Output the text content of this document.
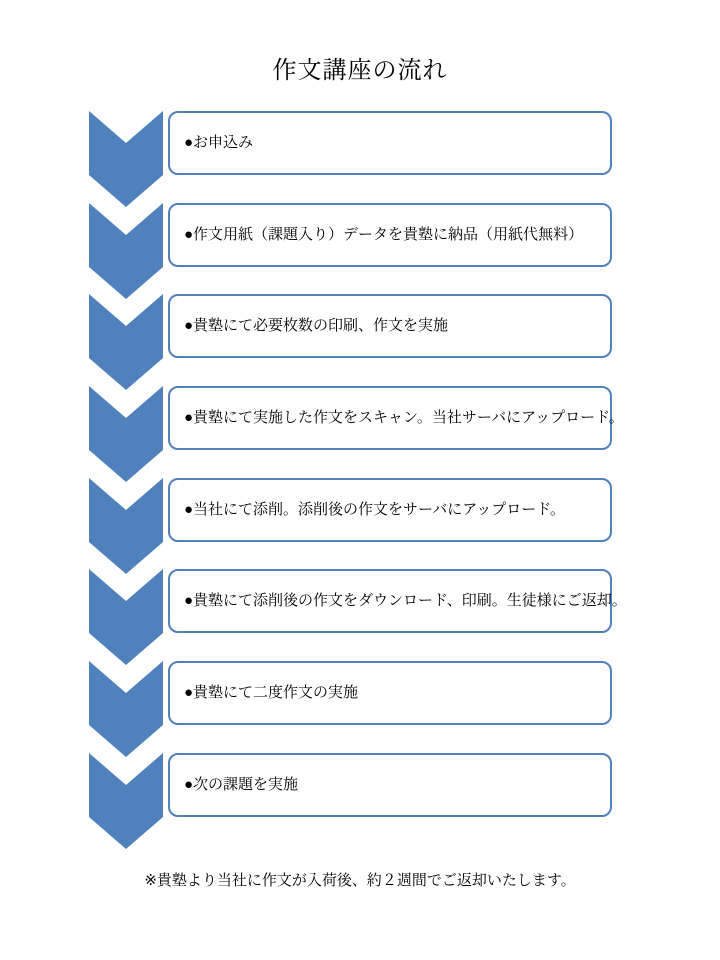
作文講座の流れ
●お申込み
●作文用紙（課題入り）データを貴塾に納品（用紙代無料）
●貴塾にて必要枚数の印刷、作文を実施
●貴塾にて実施した作文をスキャン。当社サーバにアップロード。
●当社にて添削。添削後の作文をサーバにアップロード。
●貴塾にて添削後の作文をダウンロード、印刷。生徒様にご返却。
●貴塾にて二度作文の実施
●次の課題を実施
※貴塾より当社に作文が入荷後、約２週間でご返却いたします。
